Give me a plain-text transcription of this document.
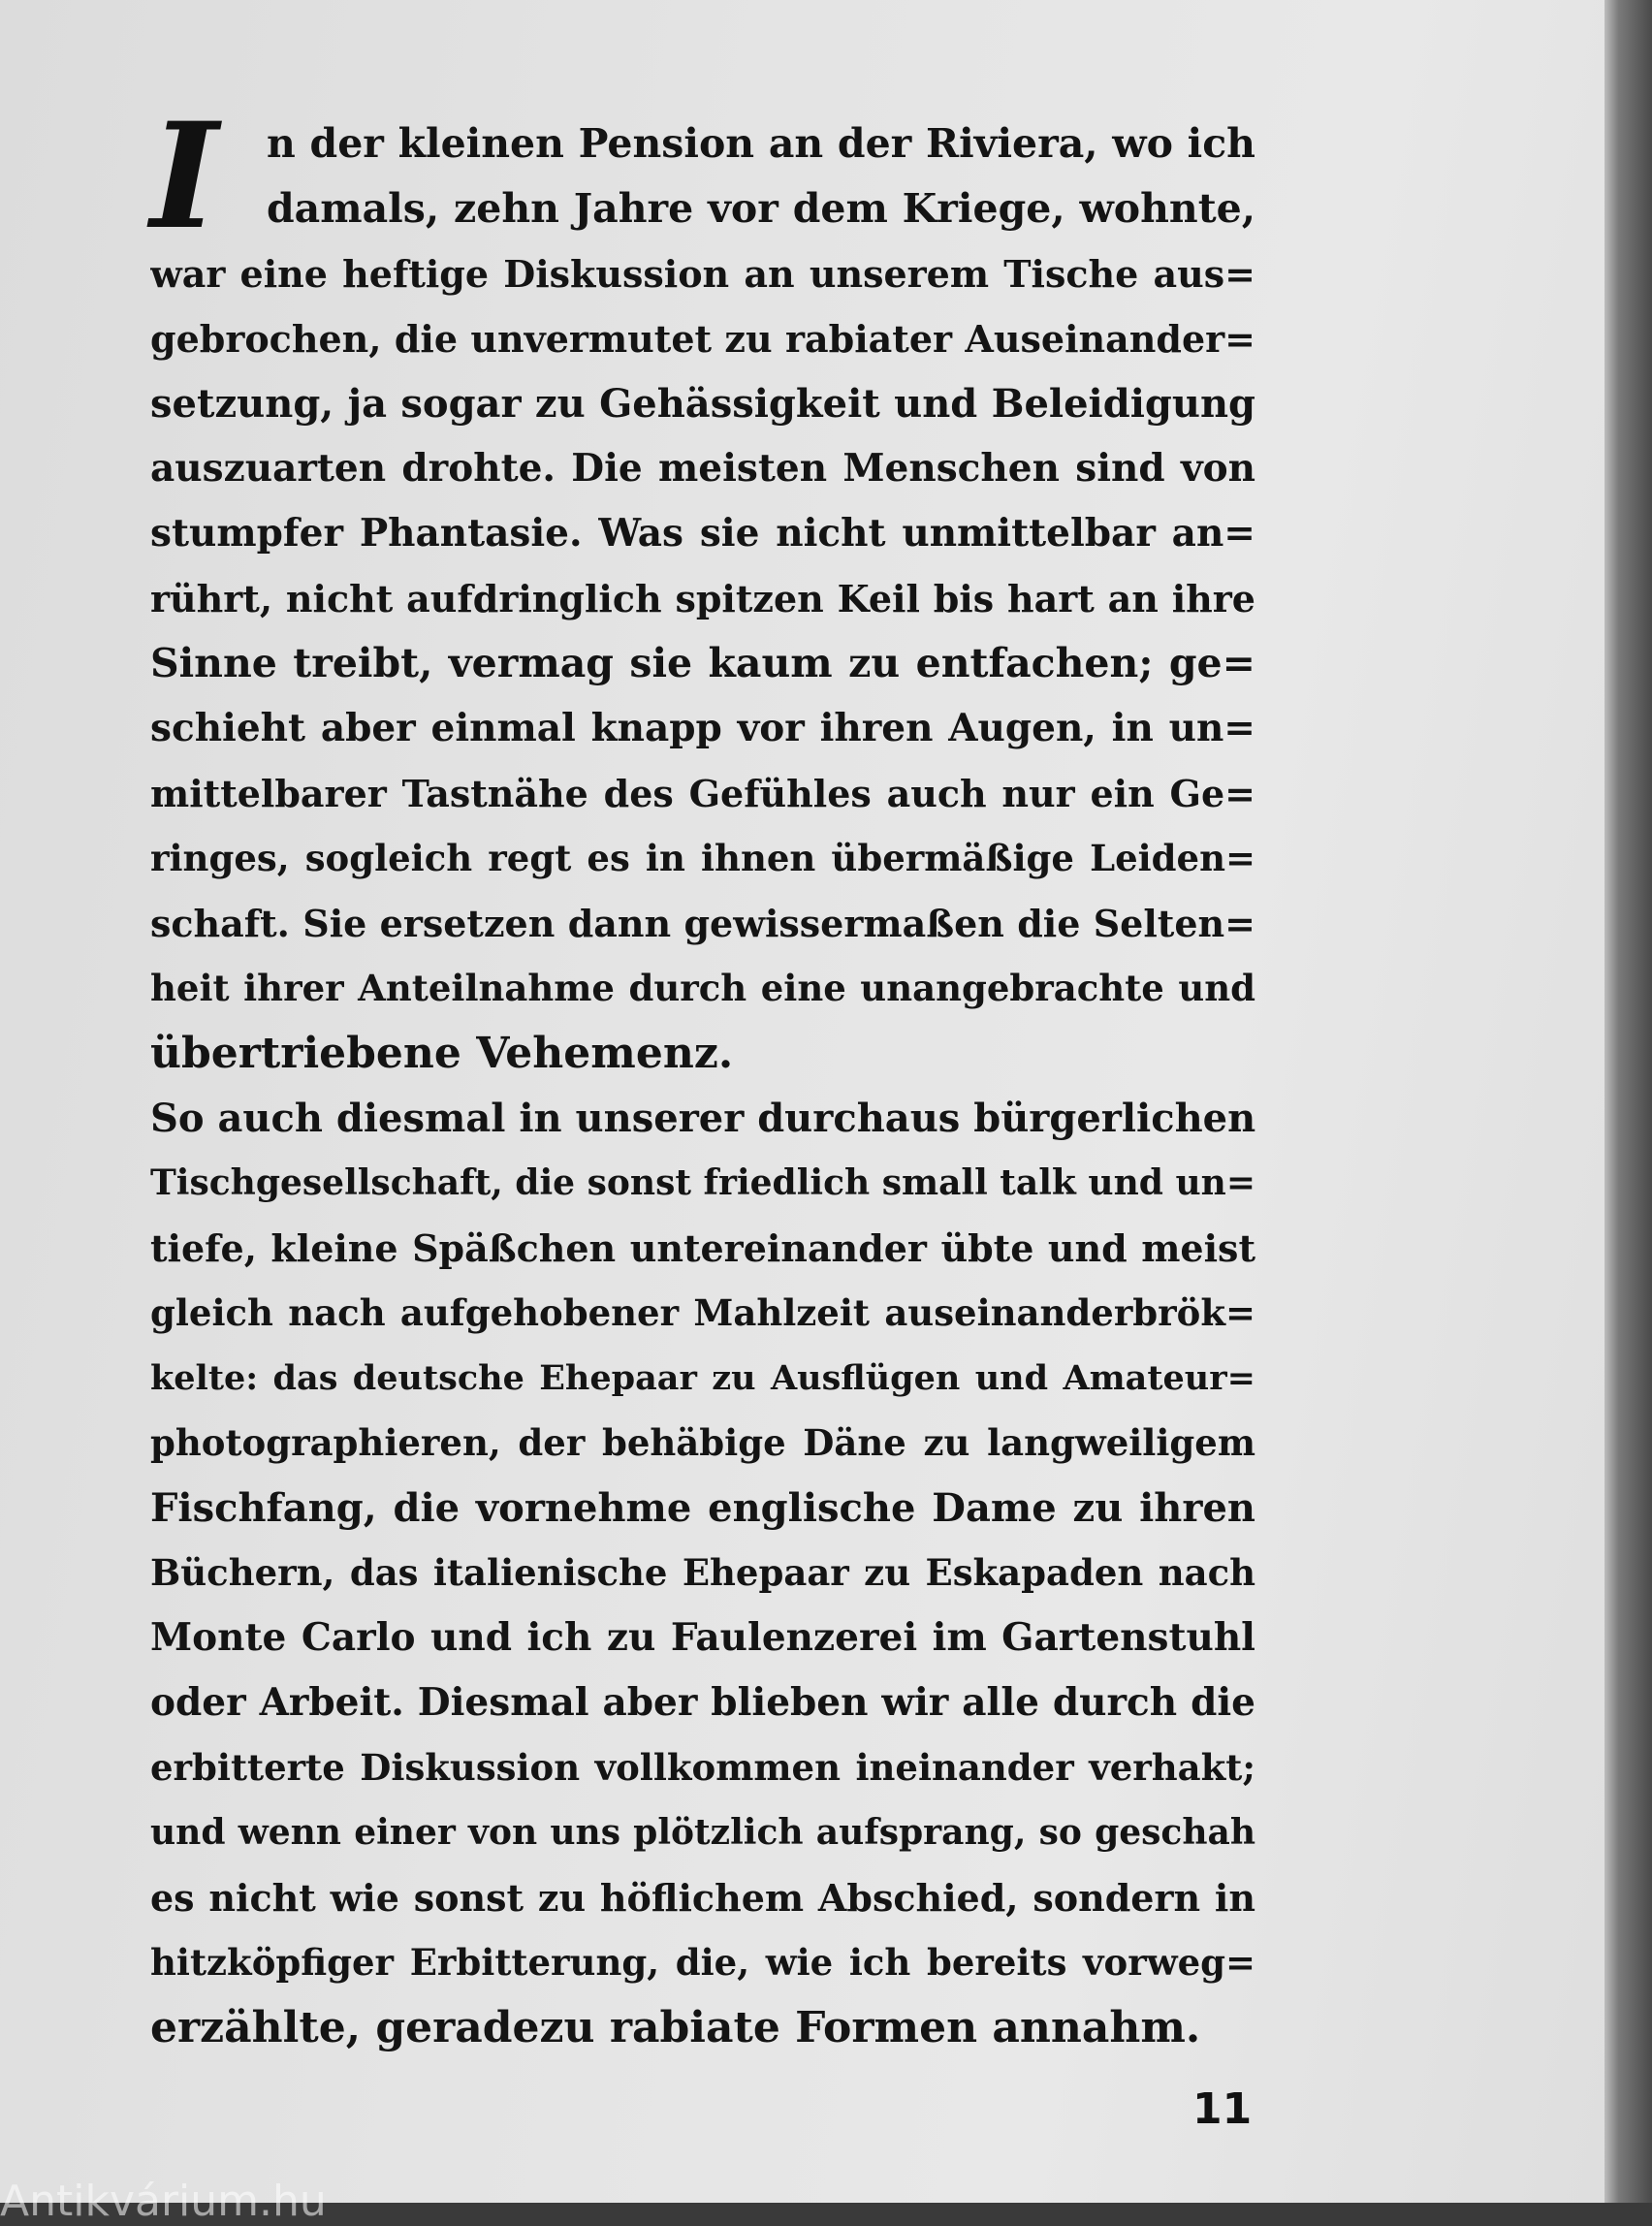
I	n der kleinen Pension an der Riviera, wo ich
damals, zehn Jahre vor dem Kriege, wohnte,
war eine heftige Diskussion an unserem Tische aus=
gebrochen, die unvermutet zu rabiater Auseinander=
setzung, ja sogar zu Gehässigkeit und Beleidigung
auszuarten drohte. Die meisten Menschen sind von
stumpfer Phantasie. Was sie nicht unmittelbar an=
rührt, nicht aufdringlich spitzen Keil bis hart an ihre
Sinne treibt, vermag sie kaum zu entfachen; ge=
schieht aber einmal knapp vor ihren Augen, in un=
mittelbarer Tastnähe des Gefühles auch nur ein Ge=
ringes, sogleich regt es in ihnen übermäßige Leiden=
schaft. Sie ersetzen dann gewissermaßen die Selten=
heit ihrer Anteilnahme durch eine unangebrachte und
übertriebene Vehemenz.
So auch diesmal in unserer durchaus bürgerlichen
Tischgesellschaft, die sonst friedlich small talk und un=
tiefe, kleine Späßchen untereinander übte und meist
gleich nach aufgehobener Mahlzeit auseinanderbrök=
kelte: das deutsche Ehepaar zu Ausflügen und Amateur=
photographieren, der behäbige Däne zu langweiligem
Fischfang, die vornehme englische Dame zu ihren
Büchern, das italienische Ehepaar zu Eskapaden nach
Monte Carlo und ich zu Faulenzerei im Gartenstuhl
oder Arbeit. Diesmal aber blieben wir alle durch die
erbitterte Diskussion vollkommen ineinander verhakt;
und wenn einer von uns plötzlich aufsprang, so geschah
es nicht wie sonst zu höflichem Abschied, sondern in
hitzköpfiger Erbitterung, die, wie ich bereits vorweg=
erzählte, geradezu rabiate Formen annahm.
11
Antikvárium.hu
